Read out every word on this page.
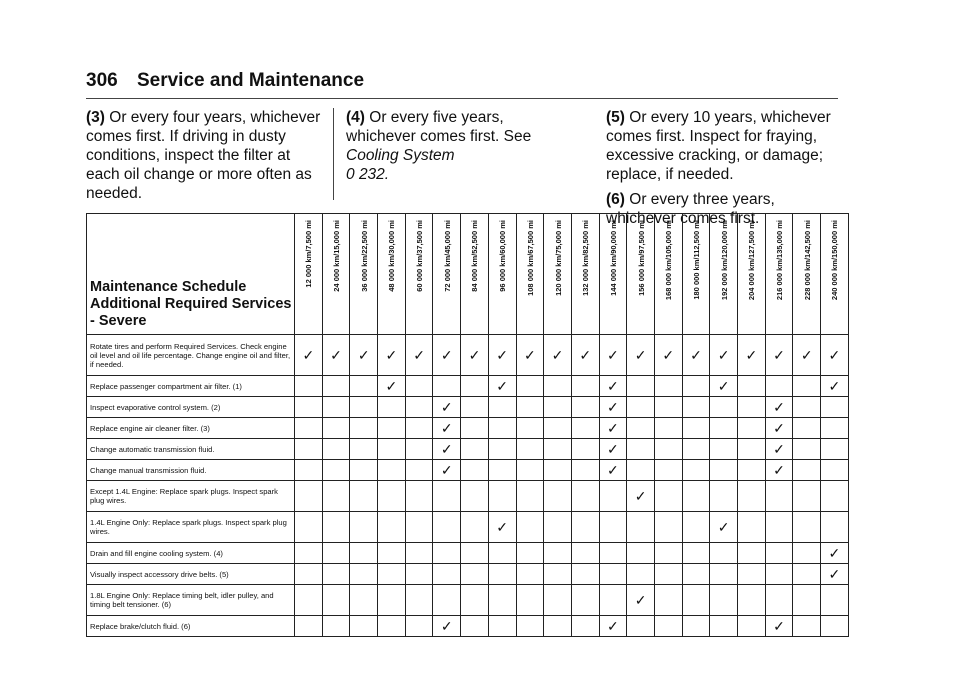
306 Service and Maintenance
(3) Or every four years, whichever comes first. If driving in dusty conditions, inspect the filter at each oil change or more often as needed.
(4) Or every five years, whichever comes first. See Cooling System
0 232.

(5) Or every 10 years, whichever comes first. Inspect for fraying, excessive cracking, or damage; replace, if needed.

(6) Or every three years, whichever comes first.

Maintenance Schedule Additional Required Services - Severe	12 000 km/7,500 mi	24 000 km/15,000 mi	36 000 km/22,500 mi	48 000 km/30,000 mi	60 000 km/37,500 mi	72 000 km/45,000 mi	84 000 km/52,500 mi	96 000 km/60,000 mi	108 000 km/67,500 mi	120 000 km/75,000 mi	132 000 km/82,500 mi	144 000 km/90,000 mi	156 000 km/97,500 mi	168 000 km/105,000 mi	180 000 km/112,500 mi	192 000 km/120,000 mi	204 000 km/127,500 mi	216 000 km/135,000 mi	228 000 km/142,500 mi	240 000 km/150,000 mi

Rotate tires and perform Required Services. Check engine oil level and oil life percentage. Change engine oil and filter, if needed.	✓	✓	✓	✓	✓	✓	✓	✓	✓	✓	✓	✓	✓	✓	✓	✓	✓	✓	✓	✓
Replace passenger compartment air filter. (1)				✓				✓				✓				✓				✓
Inspect evaporative control system. (2)						✓						✓						✓		
Replace engine air cleaner filter. (3)						✓						✓						✓		
Change automatic transmission fluid.						✓						✓						✓		
Change manual transmission fluid.						✓						✓						✓		
Except 1.4L Engine: Replace spark plugs. Inspect spark plug wires.													✓							
1.4L Engine Only: Replace spark plugs. Inspect spark plug wires.								✓								✓				
Drain and fill engine cooling system. (4)																				✓
Visually inspect accessory drive belts. (5)																				✓
1.8L Engine Only: Replace timing belt, idler pulley, and timing belt tensioner. (6)													✓							
Replace brake/clutch fluid. (6)						✓						✓						✓		
